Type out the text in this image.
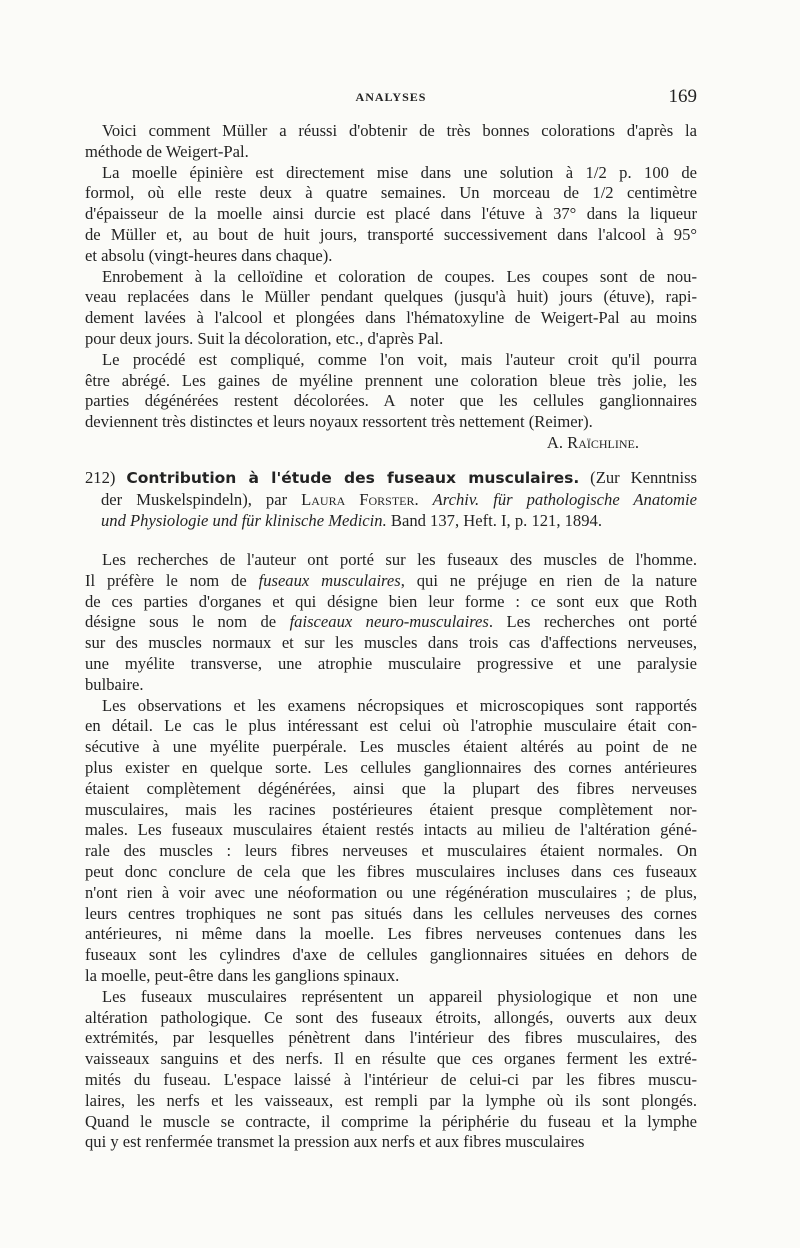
ANALYSES	169
Voici comment Müller a réussi d'obtenir de très bonnes colorations d'après la
méthode de Weigert-Pal.
La moelle épinière est directement mise dans une solution à 1/2 p. 100 de
formol, où elle reste deux à quatre semaines. Un morceau de 1/2 centimètre
d'épaisseur de la moelle ainsi durcie est placé dans l'étuve à 37° dans la liqueur
de Müller et, au bout de huit jours, transporté successivement dans l'alcool à 95°
et absolu (vingt-heures dans chaque).
Enrobement à la celloïdine et coloration de coupes. Les coupes sont de nou-
veau replacées dans le Müller pendant quelques (jusqu'à huit) jours (étuve), rapi-
dement lavées à l'alcool et plongées dans l'hématoxyline de Weigert-Pal au moins
pour deux jours. Suit la décoloration, etc., d'après Pal.
Le procédé est compliqué, comme l'on voit, mais l'auteur croit qu'il pourra
être abrégé. Les gaines de myéline prennent une coloration bleue très jolie, les
parties dégénérées restent décolorées. A noter que les cellules ganglionnaires
deviennent très distinctes et leurs noyaux ressortent très nettement (Reimer).
A. Raïchline.
212) Contribution à l'étude des fuseaux musculaires. (Zur Kenntniss
der Muskelspindeln), par Laura Forster. Archiv. für pathologische Anatomie
und Physiologie und für klinische Medicin. Band 137, Heft. I, p. 121, 1894.
Les recherches de l'auteur ont porté sur les fuseaux des muscles de l'homme.
Il préfère le nom de fuseaux musculaires, qui ne préjuge en rien de la nature
de ces parties d'organes et qui désigne bien leur forme : ce sont eux que Roth
désigne sous le nom de faisceaux neuro-musculaires. Les recherches ont porté
sur des muscles normaux et sur les muscles dans trois cas d'affections nerveuses,
une myélite transverse, une atrophie musculaire progressive et une paralysie
bulbaire.
Les observations et les examens nécropsiques et microscopiques sont rapportés
en détail. Le cas le plus intéressant est celui où l'atrophie musculaire était con-
sécutive à une myélite puerpérale. Les muscles étaient altérés au point de ne
plus exister en quelque sorte. Les cellules ganglionnaires des cornes antérieures
étaient complètement dégénérées, ainsi que la plupart des fibres nerveuses
musculaires, mais les racines postérieures étaient presque complètement nor-
males. Les fuseaux musculaires étaient restés intacts au milieu de l'altération géné-
rale des muscles : leurs fibres nerveuses et musculaires étaient normales. On
peut donc conclure de cela que les fibres musculaires incluses dans ces fuseaux
n'ont rien à voir avec une néoformation ou une régénération musculaires ; de plus,
leurs centres trophiques ne sont pas situés dans les cellules nerveuses des cornes
antérieures, ni même dans la moelle. Les fibres nerveuses contenues dans les
fuseaux sont les cylindres d'axe de cellules ganglionnaires situées en dehors de
la moelle, peut-être dans les ganglions spinaux.
Les fuseaux musculaires représentent un appareil physiologique et non une
altération pathologique. Ce sont des fuseaux étroits, allongés, ouverts aux deux
extrémités, par lesquelles pénètrent dans l'intérieur des fibres musculaires, des
vaisseaux sanguins et des nerfs. Il en résulte que ces organes ferment les extré-
mités du fuseau. L'espace laissé à l'intérieur de celui-ci par les fibres muscu-
laires, les nerfs et les vaisseaux, est rempli par la lymphe où ils sont plongés.
Quand le muscle se contracte, il comprime la périphérie du fuseau et la lymphe
qui y est renfermée transmet la pression aux nerfs et aux fibres musculaires
